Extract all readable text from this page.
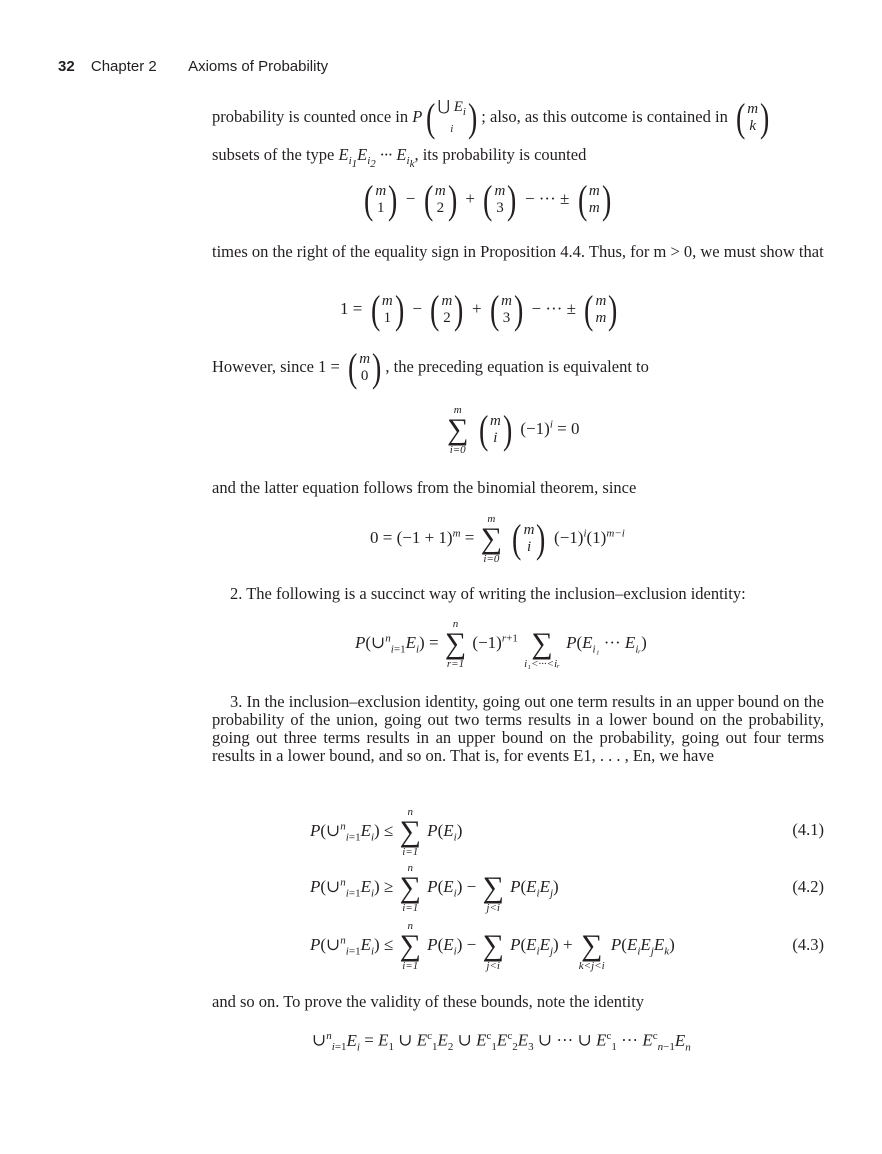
32 Chapter 2 Axioms of Probability
probability is counted once in P ( ⋃ $E_i$
i ) ; also, as this outcome is contained in ( m
k )
subsets of the type $E_{i_1}E_{i_2}$ ··· $E_{i_k}$, its probability is counted
( m
1 ) − ( m
2 ) + ( m
3 ) − ··· ± ( m
m )
times on the right of the equality sign in Proposition 4.4. Thus, for m > 0, we must show that
1 = ( m
1 ) − ( m
2 ) + ( m
3 ) − ··· ± ( m
m )
However, since 1 = ( m
0 ) , the preceding equation is equivalent to
m
∑
i=0
( m
i ) $(-1)^i = 0$
and the latter equation follows from the binomial theorem, since
$0 = (-1 + 1)^m$ =
m
∑
i=0
( m
i ) $(-1)^i(1)^{m-i}$
2. The following is a succinct way of writing the inclusion–exclusion identity:
$P(\cup^n_{i=1}E_i)$ =
n
∑
r=1
$(-1)^{r+1}$
∑
i₁<···<iᵣ
$P(E_{i_1}$ ··· $E_{iᵣ}$)
3. In the inclusion–exclusion identity, going out one term results in an upper bound on the probability of the union, going out two terms results in a lower bound on the probability, going out three terms results in an upper bound on the probability, going out four terms results in a lower bound, and so on. That is, for events E1, . . . , En, we have
$P(\cup^n_{i=1}E_i)$ ≤
n
∑
i=1
$P(E_i)$	(4.1)
$P(\cup^n_{i=1}E_i)$ ≥
n
∑
i=1
$P(E_i)$ −
∑
j<i
$P(E_iE_j)$	(4.2)
$P(\cup^n_{i=1}E_i)$ ≤
n
∑
i=1
$P(E_i)$ −
∑
j<i
$P(E_iE_j)$ +
∑
k<j<i
$P(E_iE_jE_k)$	(4.3)
and so on. To prove the validity of these bounds, note the identity
$\cup^n_{i=1}E_i = E_1$ ∪ $E^c_1E_2$ ∪ $E^c_1E^c_2E_3$ ∪ ··· ∪ $E^c_1$ ··· $E^c_{n-1}E_n$
